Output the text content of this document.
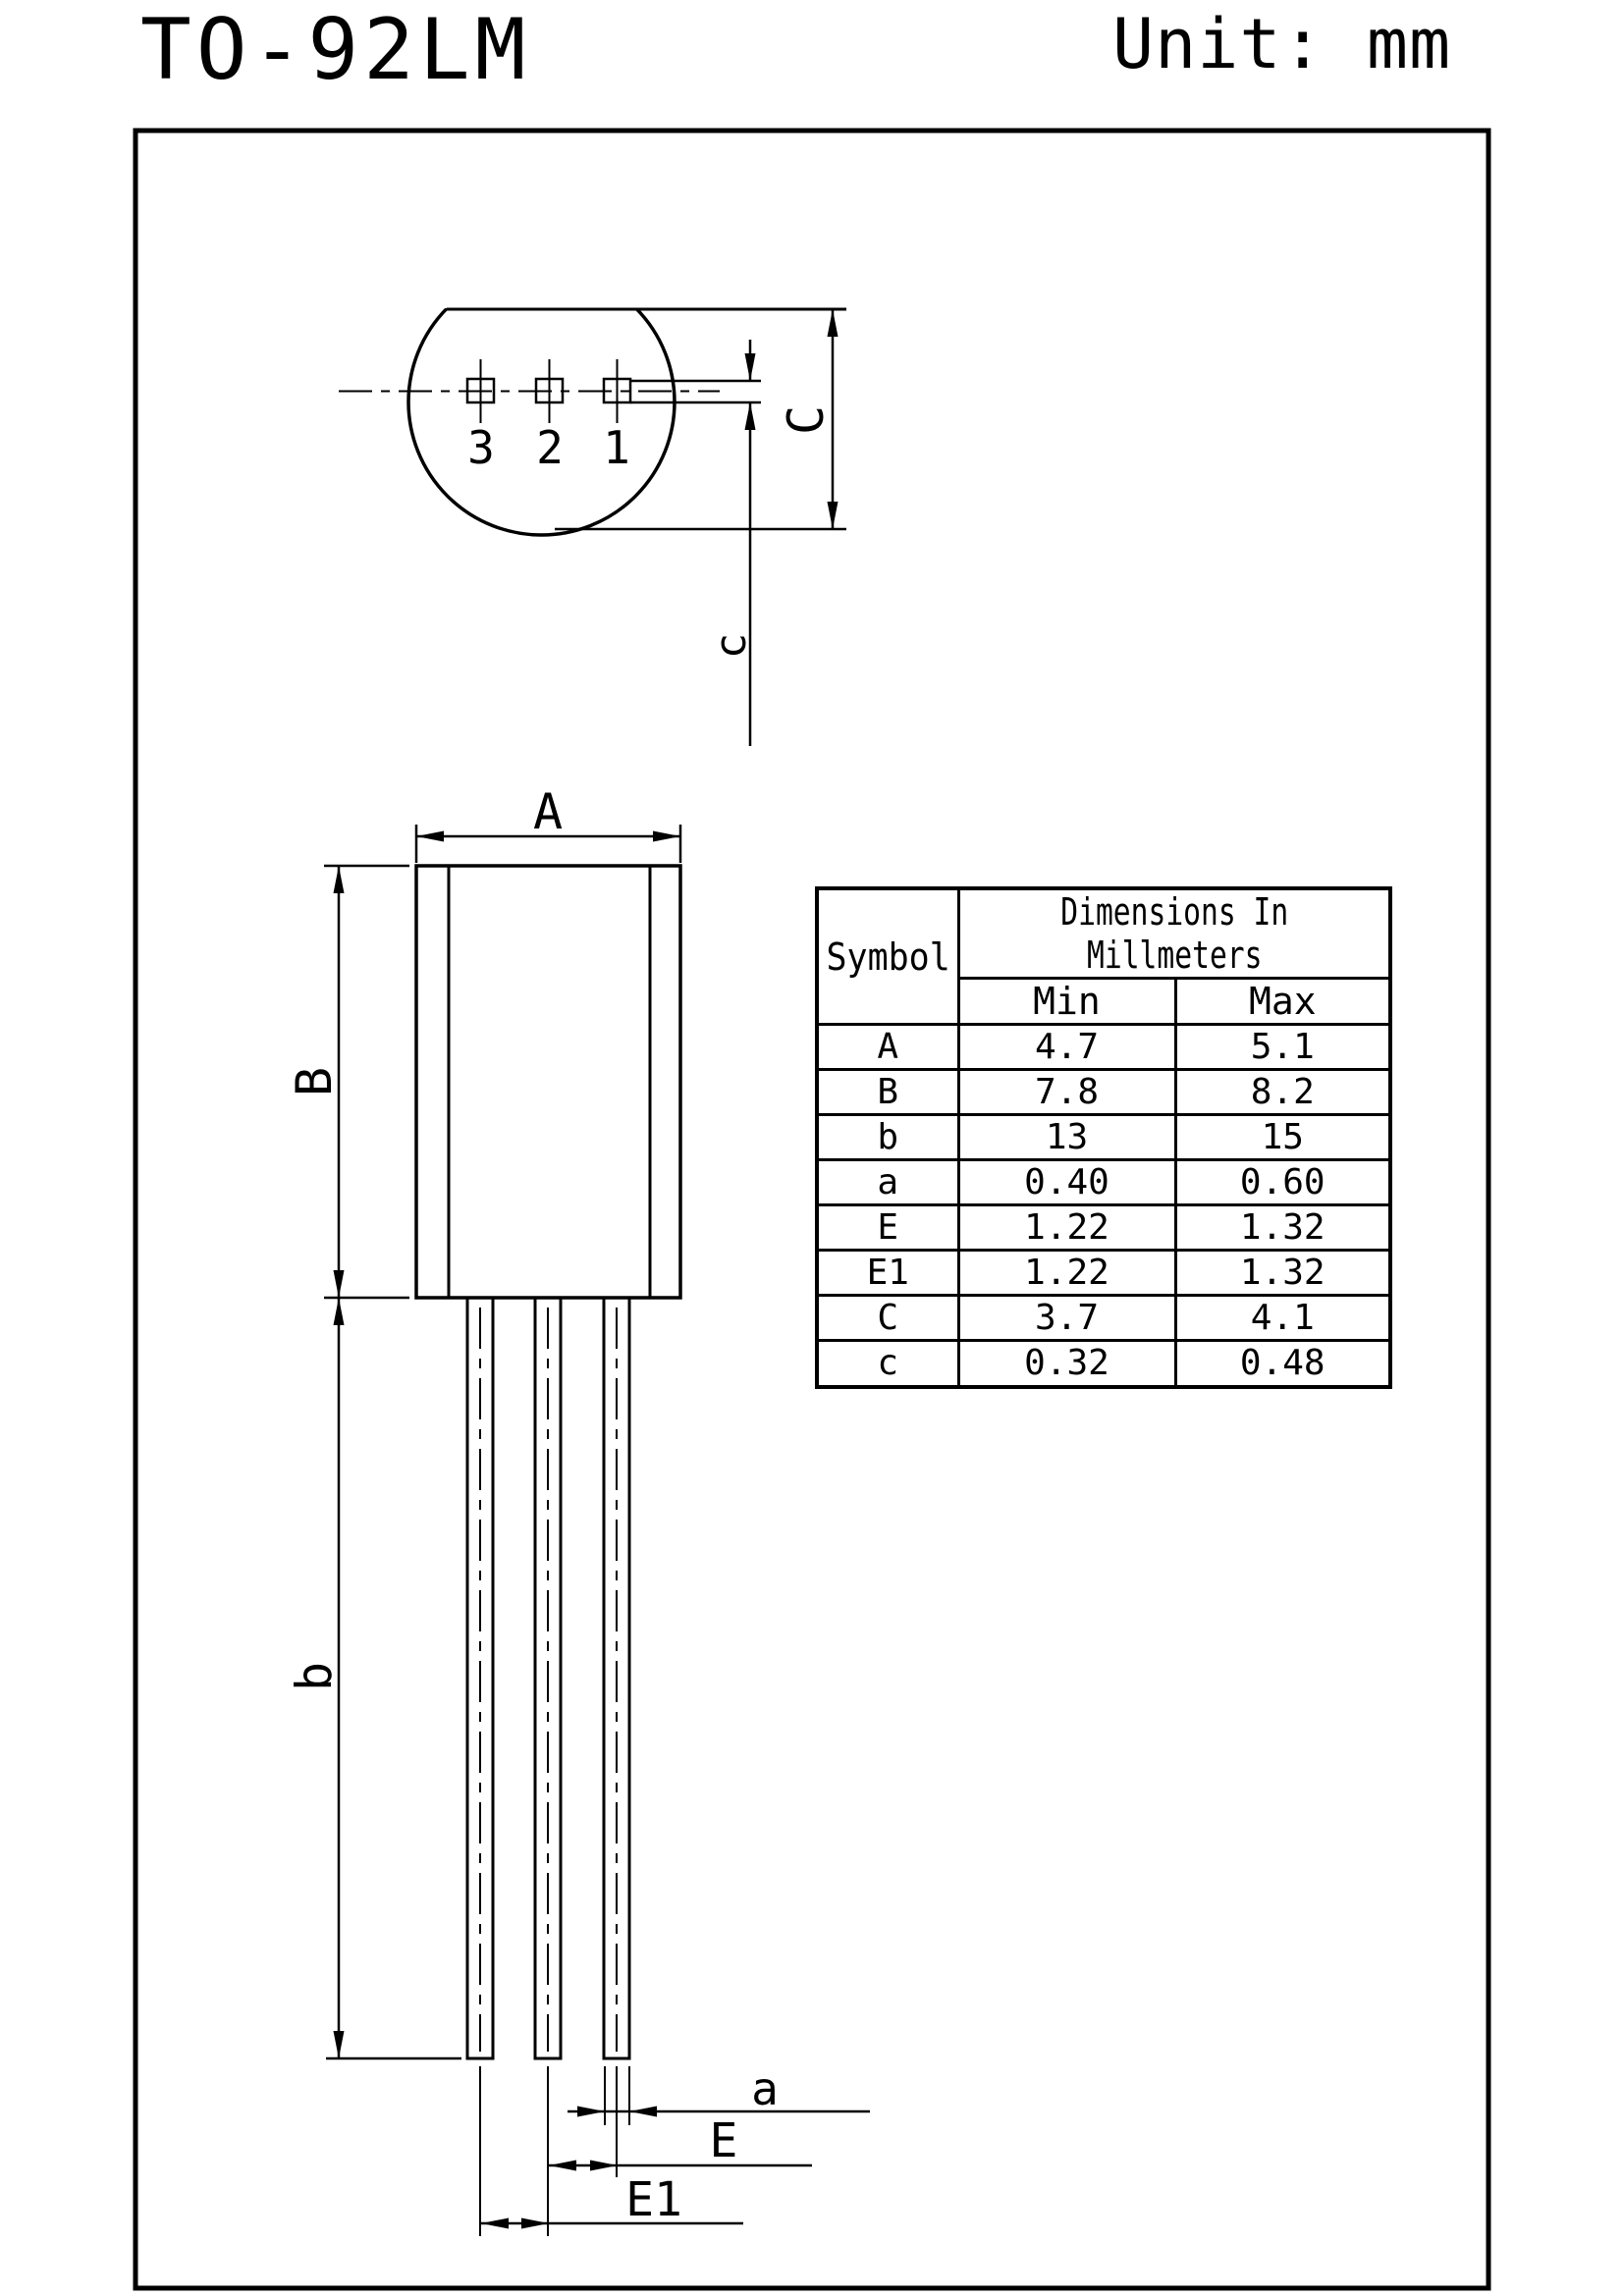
TO-92LM	Unit: mm
3 2 1
C
c
A
B
b
a
E
E1
Symbol	Dimensions In Millmeters	
	Min	Max
A	4.7	5.1
B	7.8	8.2
b	13	15
a	0.40	0.60
E	1.22	1.32
E1	1.22	1.32
C	3.7	4.1
c	0.32	0.48
